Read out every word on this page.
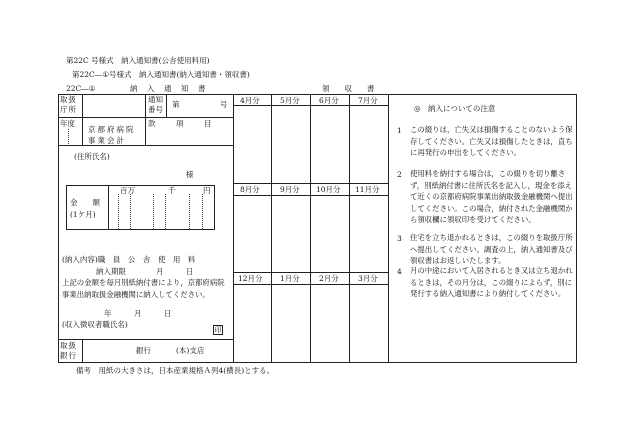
第22C 号様式　納入通知書(公舎使用料用)
第22C―①号様式　納入通知書(納入通知書・領収書)
22C―①	納　入　通　知　書	領　　収　　書
取扱庁所
通知番号
第	号
年度
京都府病院事業会計
款	項	目
(住所氏名)
様
百万	千	円
金　　額
(1ケ月)
(納入内容)職　員　公　舎　使　用　料
納入期限　　　　月　　　日
上記の金額を毎月別紙納付書により，京都府病院事業出納取扱金融機関に納入してください。
年　　　月　　　日
(収入徴収者職氏名)
印
取扱銀行
銀行	(本)支店
4月分	5月分	6月分	7月分
8月分	9月分 10月分 11月分
12月分 1月分	2月分	3月分
◎　納入についての注意
1 この綴りは，亡失又は損傷することのないよう保存してください。亡失又は損傷したときは，直ちに再発行の申出をしてください。
2 使用料を納付する場合は，この綴りを切り離さず，別紙納付書に住所氏名を記入し，現金を添えて近くの京都府病院事業出納取扱金融機関へ提出してください。この場合，納付された金融機関から領収欄に領収印を受けてください。
3 住宅を立ち退かれるときは，この綴りを取扱庁所へ提出してください。調査の上，納入通知書及び領収書はお返しいたします。
4 月の中途において入居されるとき又は立ち退かれるときは，その月分は，この綴りによらず，別に発行する納入通知書により納付してください。
備考　用紙の大きさは，日本産業規格Ａ列4(横長)とする。
